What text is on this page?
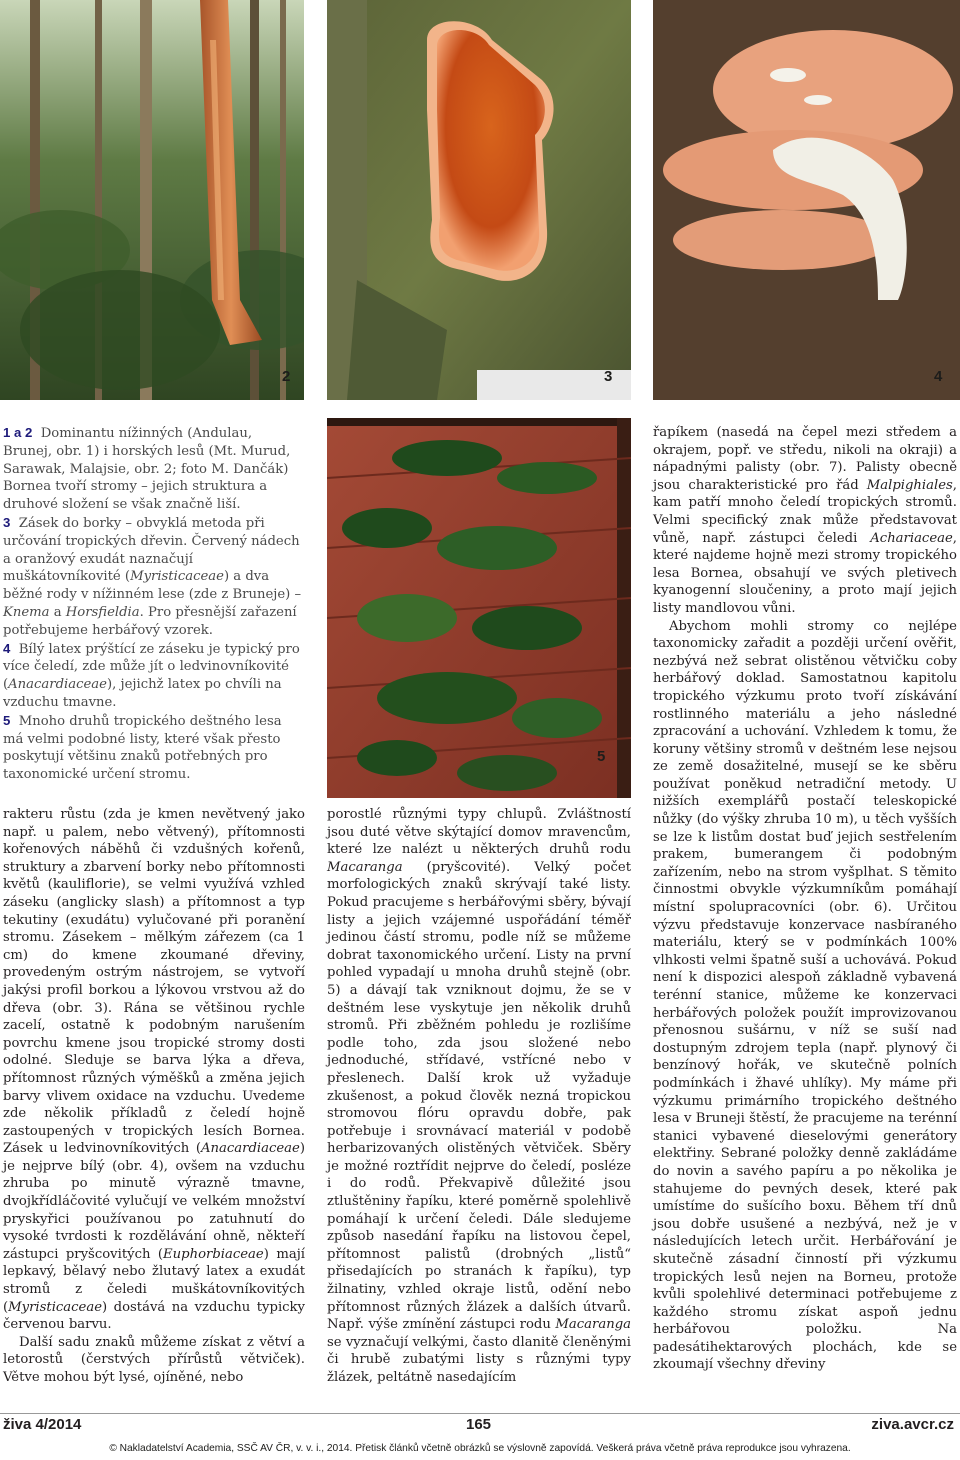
2	3	4
5
1 a 2 Dominantu nížinných (Andulau, Brunej, obr. 1) i horských lesů (Mt. Murud, Sarawak, Malajsie, obr. 2; foto M. Dančák) Bornea tvoří stromy – jejich struktura a druhové složení se však značně liší.
3 Zásek do borky – obvyklá metoda při určování tropických dřevin. Červený nádech a oranžový exudát naznačují muškátovníkovité (Myristicaceae) a dva běžné rody v nížinném lese (zde z Bruneje) – Knema a Horsfieldia. Pro přesnější zařazení potřebujeme herbářový vzorek.
4 Bílý latex prýštící ze záseku je typický pro více čeledí, zde může jít o ledvinovníkovité (Anacardiaceae), jejichž latex po chvíli na vzduchu tmavne.
5 Mnoho druhů tropického deštného lesa má velmi podobné listy, které však přesto poskytují většinu znaků potřebných pro taxonomické určení stromu.

rakteru růstu (zda je kmen nevětvený jako např. u palem, nebo větvený), přítomnosti kořenových náběhů či vzdušných kořenů, struktury a zbarvení borky nebo přítomnosti květů (kauliflorie), se velmi využívá vzhled záseku (anglicky slash) a přítomnost a typ tekutiny (exudátu) vylučované při poranění stromu. Zásekem – mělkým zářezem (ca 1 cm) do kmene zkoumané dřeviny, provedeným ostrým nástrojem, se vytvoří jakýsi profil borkou a lýkovou vrstvou až do dřeva (obr. 3). Rána se většinou rychle zacelí, ostatně k podobným narušením povrchu kmene jsou tropické stromy dosti odolné. Sleduje se barva lýka a dřeva, přítomnost různých výměšků a změna jejich barvy vlivem oxidace na vzduchu. Uvedeme zde několik příkladů z čeledí hojně zastoupených v tropických lesích Bornea. Zásek u ledvinovníkovitých (Anacardiaceae) je nejprve bílý (obr. 4), ovšem na vzduchu zhruba po minutě výrazně tmavne, dvojkřídláčovité vylučují ve velkém množství pryskyřici používanou po zatuhnutí do vysoké tvrdosti k rozdělávání ohně, někteří zástupci pryšcovitých (Euphorbiaceae) mají lepkavý, bělavý nebo žlutavý latex a exudát stromů z čeledi muškátovníkovitých (Myristicaceae) dostává na vzduchu typicky červenou barvu.

Další sadu znaků můžeme získat z větví a letorostů (čerstvých přírůstů větviček). Větve mohou být lysé, ojíněné, nebo

porostlé různými typy chlupů. Zvláštností jsou duté větve skýtající domov mravencům, které lze nalézt u některých druhů rodu Macaranga (pryšcovité). Velký počet morfologických znaků skrývají také listy. Pokud pracujeme s herbářovými sběry, bývají listy a jejich vzájemné uspořádání téměř jedinou částí stromu, podle níž se můžeme dobrat taxonomického určení. Listy na první pohled vypadají u mnoha druhů stejně (obr. 5) a dávají tak vzniknout dojmu, že se v deštném lese vyskytuje jen několik druhů stromů. Při zběžném pohledu je rozlišíme podle toho, zda jsou složené nebo jednoduché, střídavé, vstřícné nebo v přeslenech. Další krok už vyžaduje zkušenost, a pokud člověk nezná tropickou stromovou flóru opravdu dobře, pak potřebuje i srovnávací materiál v podobě herbarizovaných olistěných větviček. Sběry je možné roztřídit nejprve do čeledí, posléze i do rodů. Překvapivě důležité jsou ztluštěniny řapíku, které poměrně spolehlivě pomáhají k určení čeledi. Dále sledujeme způsob nasedání řapíku na listovou čepel, přítomnost palistů (drobných „listů“ přisedajících po stranách k řapíku), typ žilnatiny, vzhled okraje listů, odění nebo přítomnost různých žlázek a dalších útvarů. Např. výše zmínění zástupci rodu Macaranga se vyznačují velkými, často dlanitě členěnými či hrubě zubatými listy s různými typy žlázek, peltátně nasedajícím

řapíkem (nasedá na čepel mezi středem a okrajem, popř. ve středu, nikoli na okraji) a nápadnými palisty (obr. 7). Palisty obecně jsou charakteristické pro řád Malpighiales, kam patří mnoho čeledí tropických stromů. Velmi specifický znak může představovat vůně, např. zástupci čeledi Achariaceae, které najdeme hojně mezi stromy tropického lesa Bornea, obsahují ve svých pletivech kyanogenní sloučeniny, a proto mají jejich listy mandlovou vůni.

Abychom mohli stromy co nejlépe taxonomicky zařadit a později určení ověřit, nezbývá než sebrat olistěnou větvičku coby herbářový doklad. Samostatnou kapitolu tropického výzkumu proto tvoří získávání rostlinného materiálu a jeho následné zpracování a uchování. Vzhledem k tomu, že koruny většiny stromů v deštném lese nejsou ze země dosažitelné, musejí se ke sběru používat poněkud netradiční metody. U nižších exemplářů postačí teleskopické nůžky (do výšky zhruba 10 m), u těch vyšších se lze k listům dostat buď jejich sestřelením prakem, bumerangem či podobným zařízením, nebo na strom vyšplhat. S těmito činnostmi obvykle výzkumníkům pomáhají místní spolupracovníci (obr. 6). Určitou výzvu představuje konzervace nasbíraného materiálu, který se v podmínkách 100% vlhkosti velmi špatně suší a uchovává. Pokud není k dispozici alespoň základně vybavená terénní stanice, můžeme ke konzervaci herbářových položek použít improvizovanou přenosnou sušárnu, v níž se suší nad dostupným zdrojem tepla (např. plynový či benzínový hořák, ve skutečně polních podmínkách i žhavé uhlíky). My máme při výzkumu primárního tropického deštného lesa v Bruneji štěstí, že pracujeme na terénní stanici vybavené dieselovými generátory elektřiny. Sebrané položky denně zakládáme do novin a savého papíru a po několika je stahujeme do pevných desek, které pak umístíme do sušícího boxu. Během tří dnů jsou dobře usušené a nezbývá, než je v následujících letech určit. Herbářování je skutečně zásadní činností při výzkumu tropických lesů nejen na Borneu, protože kvůli spolehlivé determinaci potřebujeme z každého stromu získat aspoň jednu herbářovou položku. Na padesátihektarových plochách, kde se zkoumají všechny dřeviny

živa 4/2014	165	ziva.avcr.cz
© Nakladatelství Academia, SSČ AV ČR, v. v. i., 2014. Přetisk článků včetně obrázků se výslovně zapovídá. Veškerá práva včetně práva reprodukce jsou vyhrazena.
